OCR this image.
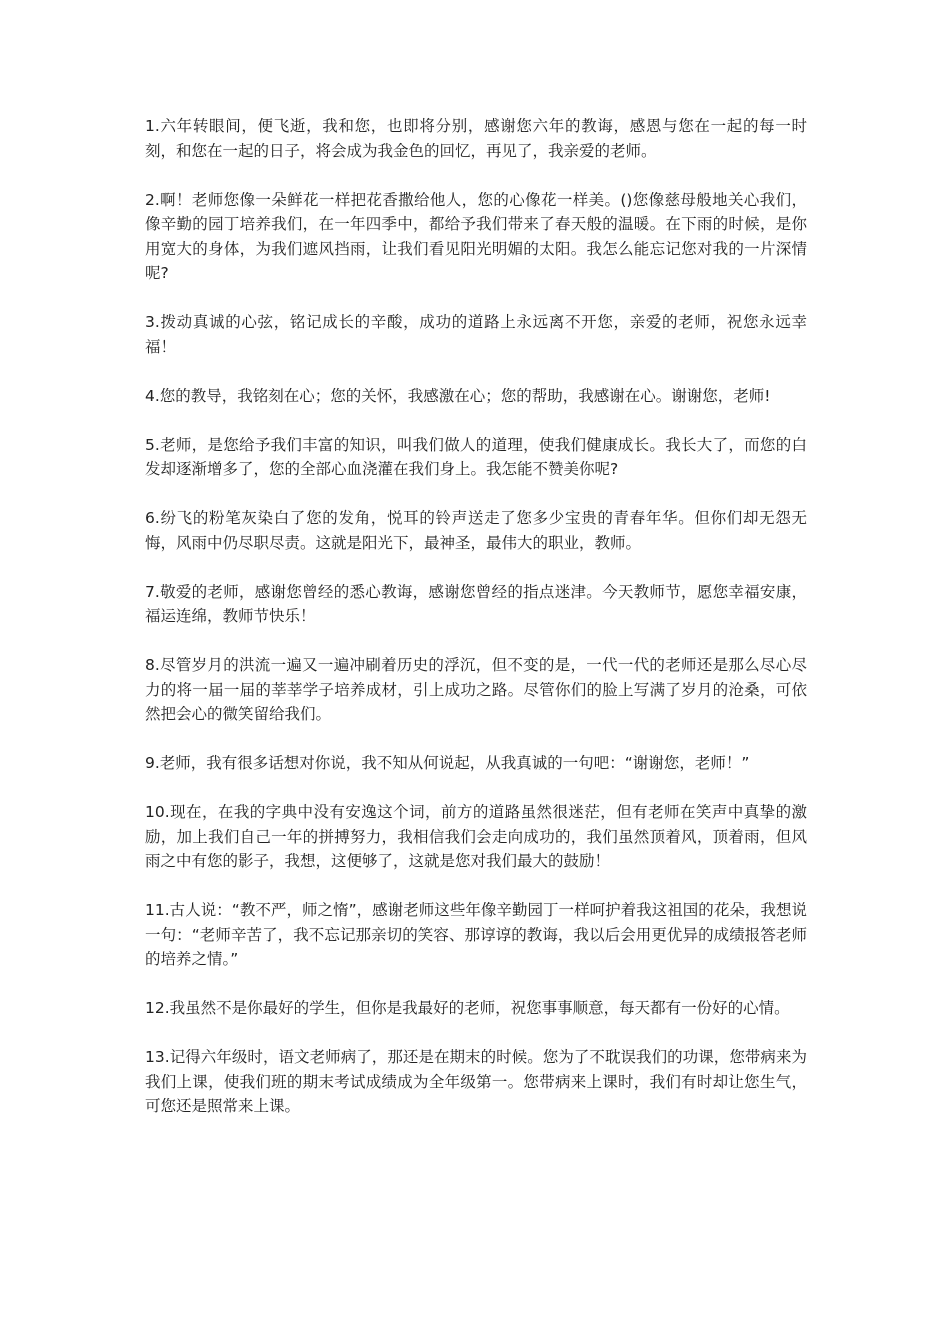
1.六年转眼间，便飞逝，我和您，也即将分别，感谢您六年的教诲，感恩与您在一起的每一时刻，和您在一起的日子，将会成为我金色的回忆，再见了，我亲爱的老师。

2.啊！老师您像一朵鲜花一样把花香撒给他人，您的心像花一样美。()您像慈母般地关心我们，像辛勤的园丁培养我们，在一年四季中，都给予我们带来了春天般的温暖。在下雨的时候，是你用宽大的身体，为我们遮风挡雨，让我们看见阳光明媚的太阳。我怎么能忘记您对我的一片深情呢?

3.拨动真诚的心弦，铭记成长的辛酸，成功的道路上永远离不开您，亲爱的老师，祝您永远幸福！

4.您的教导，我铭刻在心；您的关怀，我感激在心；您的帮助，我感谢在心。谢谢您，老师!

5.老师，是您给予我们丰富的知识，叫我们做人的道理，使我们健康成长。我长大了，而您的白发却逐渐增多了，您的全部心血浇灌在我们身上。我怎能不赞美你呢?

6.纷飞的粉笔灰染白了您的发角，悦耳的铃声送走了您多少宝贵的青春年华。但你们却无怨无悔，风雨中仍尽职尽责。这就是阳光下，最神圣，最伟大的职业，教师。

7.敬爱的老师，感谢您曾经的悉心教诲，感谢您曾经的指点迷津。今天教师节，愿您幸福安康，福运连绵，教师节快乐！

8.尽管岁月的洪流一遍又一遍冲刷着历史的浮沉，但不变的是，一代一代的老师还是那么尽心尽力的将一届一届的莘莘学子培养成材，引上成功之路。尽管你们的脸上写满了岁月的沧桑，可依然把会心的微笑留给我们。

9.老师，我有很多话想对你说，我不知从何说起，从我真诚的一句吧：“谢谢您，老师！”

10.现在，在我的字典中没有安逸这个词，前方的道路虽然很迷茫，但有老师在笑声中真挚的激励，加上我们自己一年的拼搏努力，我相信我们会走向成功的，我们虽然顶着风，顶着雨，但风雨之中有您的影子，我想，这便够了，这就是您对我们最大的鼓励！

11.古人说：“教不严，师之惰”，感谢老师这些年像辛勤园丁一样呵护着我这祖国的花朵，我想说一句：“老师辛苦了，我不忘记那亲切的笑容、那谆谆的教诲，我以后会用更优异的成绩报答老师的培养之情。”

12.我虽然不是你最好的学生，但你是我最好的老师，祝您事事顺意，每天都有一份好的心情。

13.记得六年级时，语文老师病了，那还是在期末的时候。您为了不耽误我们的功课，您带病来为我们上课，使我们班的期末考试成绩成为全年级第一。您带病来上课时，我们有时却让您生气，可您还是照常来上课。
